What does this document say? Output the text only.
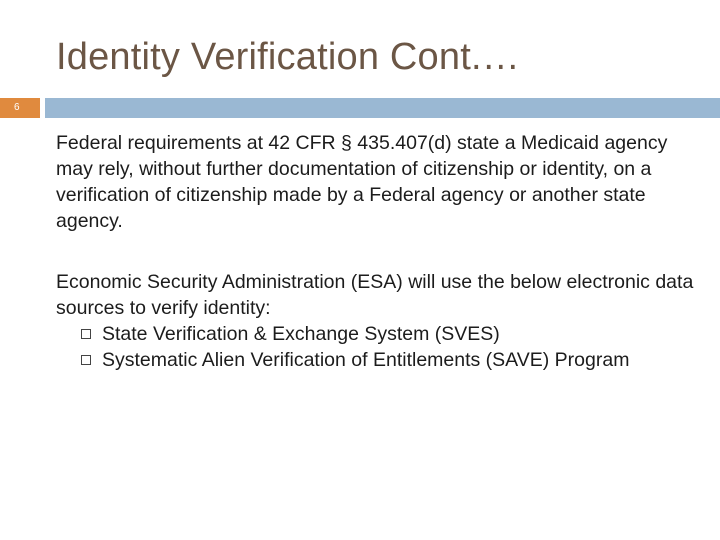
Identity Verification Cont.…
6

Federal requirements at 42 CFR § 435.407(d) state a Medicaid agency may rely, without further documentation of citizenship or identity, on a verification of citizenship made by a Federal agency or another state agency.

Economic Security Administration (ESA) will use the below electronic data sources to verify identity:
State Verification & Exchange System (SVES)
Systematic Alien Verification of Entitlements (SAVE) Program
